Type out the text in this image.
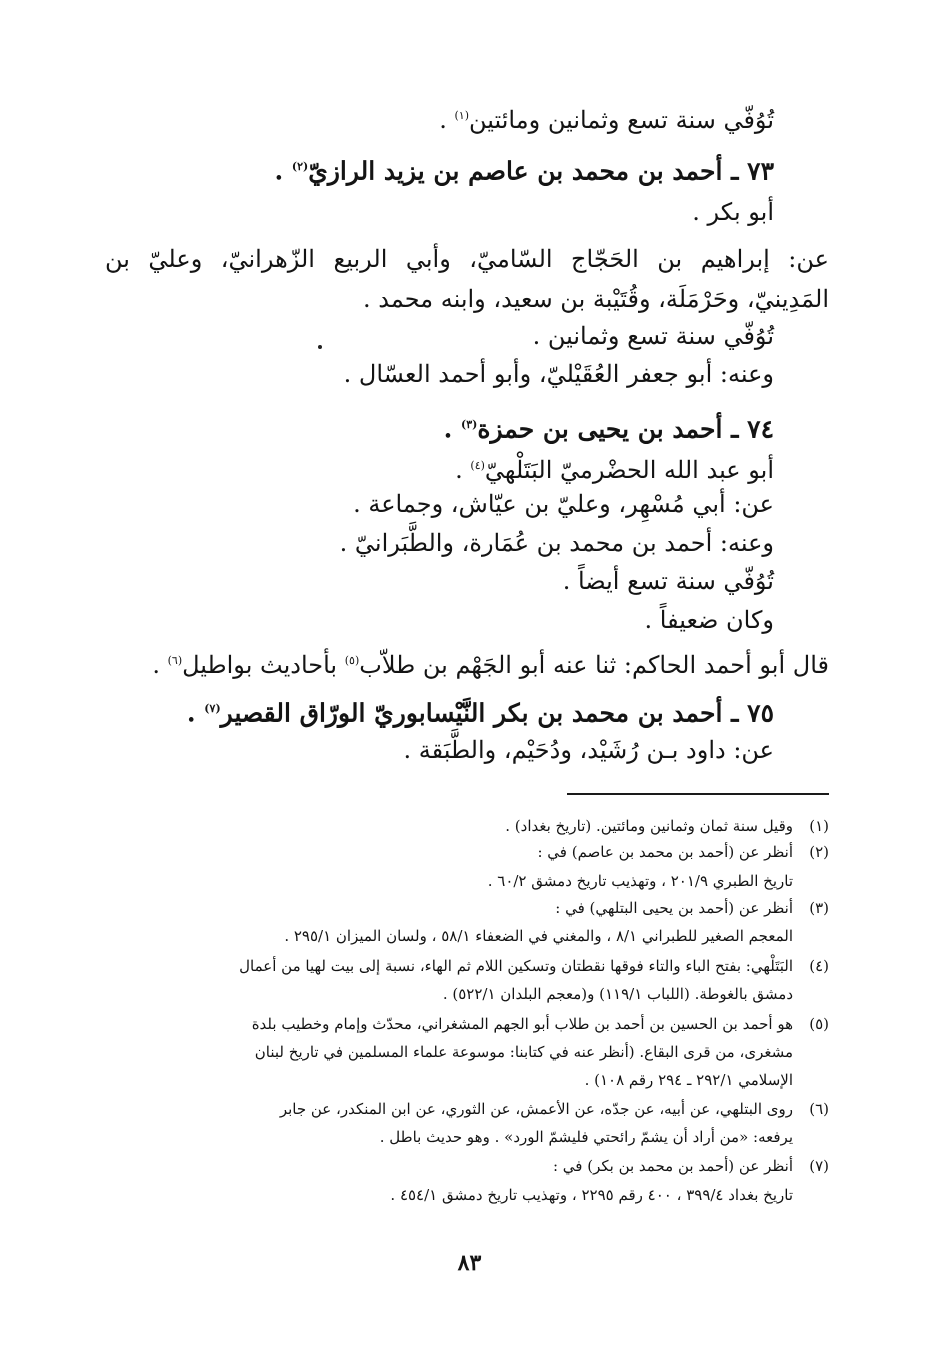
تُوُفّي سنة تسع وثمانين ومائتين$^{(١)}$ .

٧٣ ـ أحمد بن محمد بن عاصم بن يزيد الرازيّ$^{(٢)}$ .

أبو بكر .

عن: إبراهيم بن الحَجّاج السّاميّ، وأبي الربيع الزّهرانيّ، وعليّ بن

المَدِينيّ، وحَرْمَلَة، وقُتَيْبة بن سعيد، وابنه محمد .

تُوُفّي سنة تسع وثمانين .

وعنه: أبو جعفر العُقَيْليّ، وأبو أحمد العسّال .

٧٤ ـ أحمد بن يحيى بن حمزة$^{(٣)}$ .

أبو عبد الله الحضْرميّ البَتَلْهيّ$^{(٤)}$ .

عن: أبي مُسْهِر، وعليّ بن عيّاش، وجماعة .

وعنه: أحمد بن محمد بن عُمَارة، والطَّبَرانيّ .

تُوُفّي سنة تسع أيضاً .

وكان ضعيفاً .

قال أبو أحمد الحاكم: ثنا عنه أبو الجَهْم بن طلاّب$^{(٥)}$ بأحاديث بواطيل$^{(٦)}$ .

٧٥ ـ أحمد بن محمد بن بكر النَّيْسابوريّ الورّاق القصير$^{(٧)}$ .

عن: داود بـن رُشَيْد، ودُحَيْم، والطَّبَقة .

(١)وقيل سنة ثمان وثمانين ومائتين. (تاريخ بغداد) .
(٢)أنظر عن (أحمد بن محمد بن عاصم) في :
تاريخ الطبري ٢٠١/٩ ، وتهذيب تاريخ دمشق ٦٠/٢ .
(٣)أنظر عن (أحمد بن يحيى البتلهي) في :
المعجم الصغير للطبراني ٨/١ ، والمغني في الضعفاء ٥٨/١ ، ولسان الميزان ٢٩٥/١ .
(٤)البَتَلْهي: بفتح الباء والتاء فوقها نقطتان وتسكين اللام ثم الهاء، نسبة إلى بيت لهيا من أعمال
دمشق بالغوطة. (اللباب ١١٩/١) و(معجم البلدان ٥٢٢/١) .
(٥)هو أحمد بن الحسين بن أحمد بن طلاب أبو الجهم المشغراني، محدّث وإمام وخطيب بلدة
مشغرى، من قرى البقاع. (أنظر عنه في كتابنا: موسوعة علماء المسلمين في تاريخ لبنان
الإسلامي ٢٩٢/١ ـ ٢٩٤ رقم ١٠٨) .
(٦)روى البتلهي، عن أبيه، عن جدّه، عن الأعمش، عن الثوري، عن ابن المنكدر، عن جابر
يرفعه: «من أراد أن يشمّ رائحتي فليشمّ الورد» . وهو حديث باطل .
(٧)أنظر عن (أحمد بن محمد بن بكر) في :
تاريخ بغداد ٣٩٩/٤ ، ٤٠٠ رقم ٢٢٩٥ ، وتهذيب تاريخ دمشق ٤٥٤/١ .
٨٣
